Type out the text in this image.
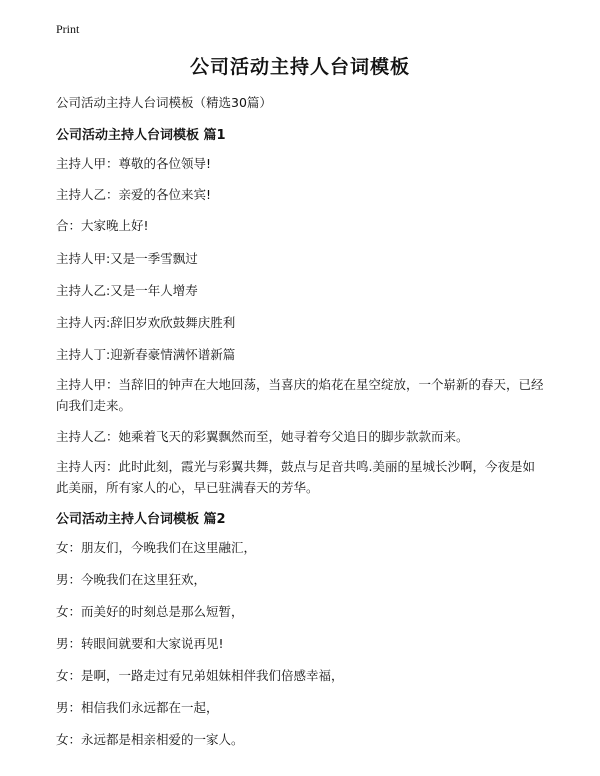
Print
公司活动主持人台词模板
公司活动主持人台词模板（精选30篇）
公司活动主持人台词模板 篇1
主持人甲：尊敬的各位领导!
主持人乙：亲爱的各位来宾!
合：大家晚上好!
主持人甲:又是一季雪飘过
主持人乙:又是一年人增寿
主持人丙:辞旧岁欢欣鼓舞庆胜利
主持人丁:迎新春豪情满怀谱新篇
主持人甲：当辞旧的钟声在大地回荡，当喜庆的焰花在星空绽放，一个崭新的春天，已经向我们走来。
主持人乙：她乘着飞天的彩翼飘然而至，她寻着夸父追日的脚步款款而来。
主持人丙：此时此刻，霞光与彩翼共舞，鼓点与足音共鸣.美丽的星城长沙啊，今夜是如此美丽，所有家人的心，早已驻满春天的芳华。
公司活动主持人台词模板 篇2
女：朋友们，今晚我们在这里融汇，
男：今晚我们在这里狂欢，
女：而美好的时刻总是那么短暂，
男：转眼间就要和大家说再见!
女：是啊，一路走过有兄弟姐妹相伴我们倍感幸福，
男：相信我们永远都在一起，
女：永远都是相亲相爱的一家人。
